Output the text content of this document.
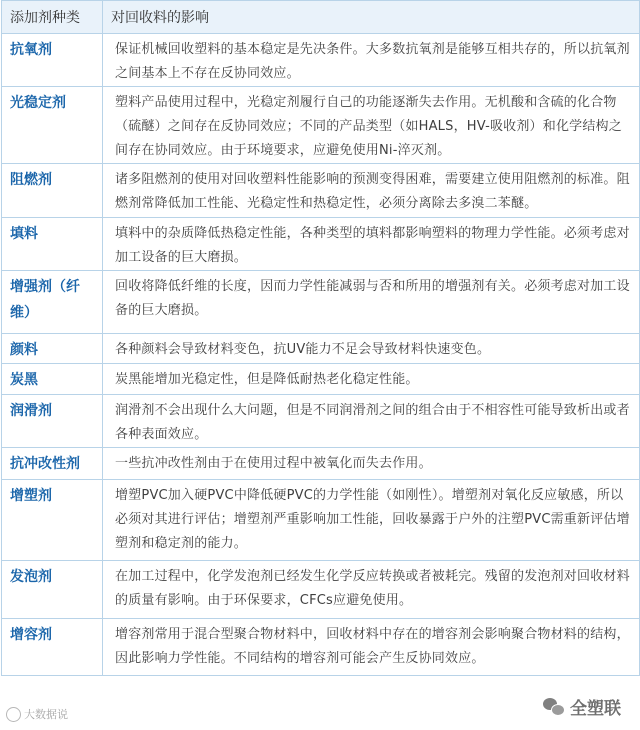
添加剂种类	对回收料的影响

抗氧剂	保证机械回收塑料的基本稳定是先决条件。大多数抗氧剂是能够互相共存的，所以抗氧剂之间基本上不存在反协同效应。

光稳定剂	塑料产品使用过程中，光稳定剂履行自己的功能逐渐失去作用。无机酸和含硫的化合物（硫醚）之间存在反协同效应；不同的产品类型（如HALS，HV-吸收剂）和化学结构之间存在协同效应。由于环境要求，应避免使用Ni-淬灭剂。

阻燃剂	诸多阻燃剂的使用对回收塑料性能影响的预测变得困难，需要建立使用阻燃剂的标准。阻燃剂常降低加工性能、光稳定性和热稳定性，必须分离除去多溴二苯醚。

填料	填料中的杂质降低热稳定性能，各种类型的填料都影响塑料的物理力学性能。必须考虑对加工设备的巨大磨损。

增强剂（纤维）	回收将降低纤维的长度，因而力学性能减弱与否和所用的增强剂有关。必须考虑对加工设备的巨大磨损。

颜料	各种颜料会导致材料变色，抗UV能力不足会导致材料快速变色。

炭黑	炭黑能增加光稳定性，但是降低耐热老化稳定性能。

润滑剂	润滑剂不会出现什么大问题，但是不同润滑剂之间的组合由于不相容性可能导致析出或者各种表面效应。

抗冲改性剂	一些抗冲改性剂由于在使用过程中被氧化而失去作用。

增塑剂	增塑PVC加入硬PVC中降低硬PVC的力学性能（如刚性）。增塑剂对氧化反应敏感，所以必须对其进行评估；增塑剂严重影响加工性能，回收暴露于户外的注塑PVC需重新评估增塑剂和稳定剂的能力。

发泡剂	在加工过程中，化学发泡剂已经发生化学反应转换或者被耗完。残留的发泡剂对回收材料的质量有影响。由于环保要求，CFCs应避免使用。

增容剂	增容剂常用于混合型聚合物材料中，回收材料中存在的增容剂会影响聚合物材料的结构，因此影响力学性能。不同结构的增容剂可能会产生反协同效应。
大数据说	全塑联
